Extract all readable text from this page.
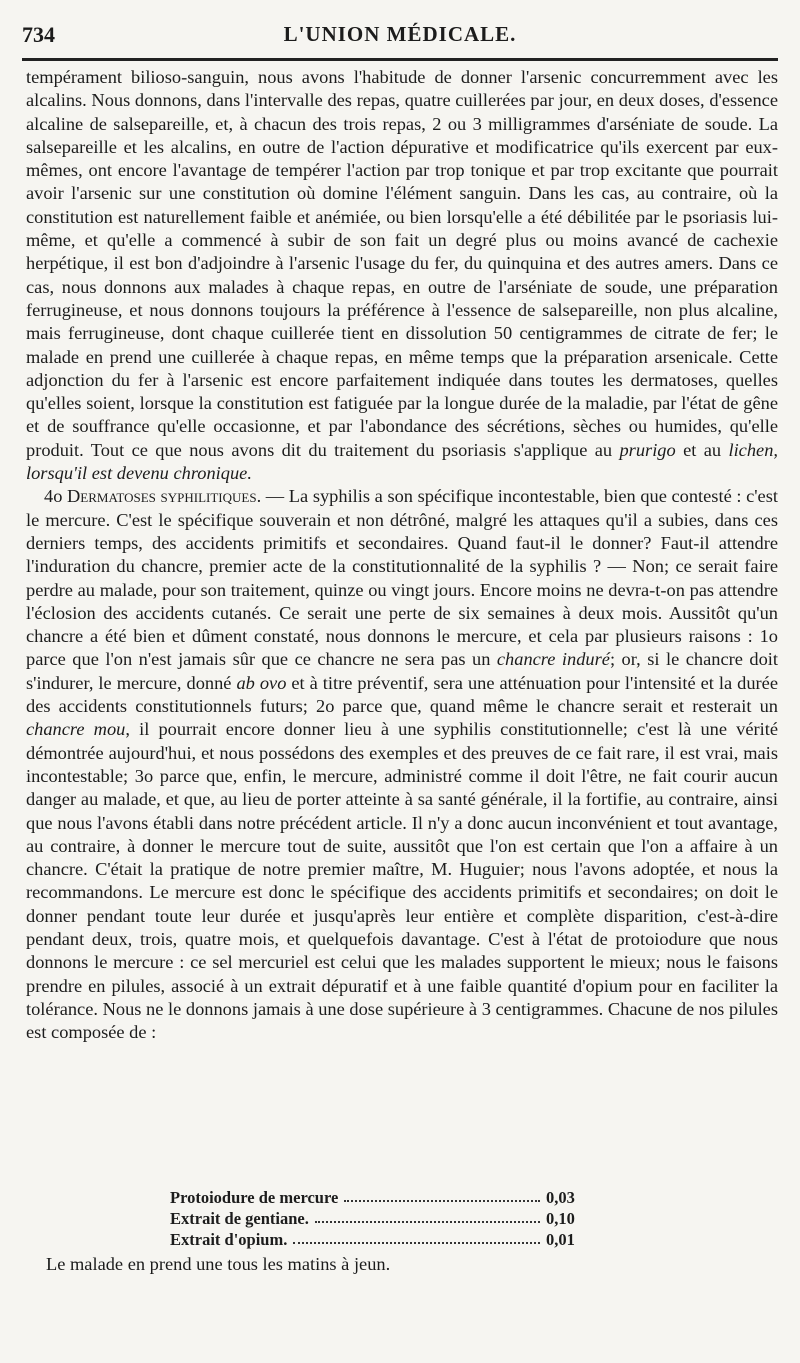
734	L'UNION MÉDICALE.

tempérament bilioso-sanguin, nous avons l'habitude de donner l'arsenic concurremment avec les alcalins. Nous donnons, dans l'intervalle des repas, quatre cuillerées par jour, en deux doses, d'essence alcaline de salsepareille, et, à chacun des trois repas, 2 ou 3 milligrammes d'arséniate de soude. La salsepareille et les alcalins, en outre de l'action dépurative et modificatrice qu'ils exercent par eux-mêmes, ont encore l'avantage de tempérer l'action par trop tonique et par trop excitante que pourrait avoir l'arsenic sur une constitution où domine l'élément sanguin. Dans les cas, au contraire, où la constitution est naturellement faible et anémiée, ou bien lorsqu'elle a été débilitée par le psoriasis lui-même, et qu'elle a commencé à subir de son fait un degré plus ou moins avancé de cachexie herpétique, il est bon d'adjoindre à l'arsenic l'usage du fer, du quinquina et des autres amers. Dans ce cas, nous donnons aux malades à chaque repas, en outre de l'arséniate de soude, une préparation ferrugineuse, et nous donnons toujours la préférence à l'essence de salsepareille, non plus alcaline, mais ferrugineuse, dont chaque cuillerée tient en dissolution 50 centigrammes de citrate de fer; le malade en prend une cuillerée à chaque repas, en même temps que la préparation arsenicale. Cette adjonction du fer à l'arsenic est encore parfaitement indiquée dans toutes les dermatoses, quelles qu'elles soient, lorsque la constitution est fatiguée par la longue durée de la maladie, par l'état de gêne et de souffrance qu'elle occasionne, et par l'abondance des sécrétions, sèches ou humides, qu'elle produit. Tout ce que nous avons dit du traitement du psoriasis s'applique au prurigo et au lichen, lorsqu'il est devenu chronique.

4o Dermatoses syphilitiques. — La syphilis a son spécifique incontestable, bien que contesté : c'est le mercure. C'est le spécifique souverain et non détrôné, malgré les attaques qu'il a subies, dans ces derniers temps, des accidents primitifs et secondaires. Quand faut-il le donner? Faut-il attendre l'induration du chancre, premier acte de la constitutionnalité de la syphilis ? — Non; ce serait faire perdre au malade, pour son traitement, quinze ou vingt jours. Encore moins ne devra-t-on pas attendre l'éclosion des accidents cutanés. Ce serait une perte de six semaines à deux mois. Aussitôt qu'un chancre a été bien et dûment constaté, nous donnons le mercure, et cela par plusieurs raisons : 1o parce que l'on n'est jamais sûr que ce chancre ne sera pas un chancre induré; or, si le chancre doit s'indurer, le mercure, donné ab ovo et à titre préventif, sera une atténuation pour l'intensité et la durée des accidents constitutionnels futurs; 2o parce que, quand même le chancre serait et resterait un chancre mou, il pourrait encore donner lieu à une syphilis constitutionnelle; c'est là une vérité démontrée aujourd'hui, et nous possédons des exemples et des preuves de ce fait rare, il est vrai, mais incontestable; 3o parce que, enfin, le mercure, administré comme il doit l'être, ne fait courir aucun danger au malade, et que, au lieu de porter atteinte à sa santé générale, il la fortifie, au contraire, ainsi que nous l'avons établi dans notre précédent article. Il n'y a donc aucun inconvénient et tout avantage, au contraire, à donner le mercure tout de suite, aussitôt que l'on est certain que l'on a affaire à un chancre. C'était la pratique de notre premier maître, M. Huguier; nous l'avons adoptée, et nous la recommandons. Le mercure est donc le spécifique des accidents primitifs et secondaires; on doit le donner pendant toute leur durée et jusqu'après leur entière et complète disparition, c'est-à-dire pendant deux, trois, quatre mois, et quelquefois davantage. C'est à l'état de protoiodure que nous donnons le mercure : ce sel mercuriel est celui que les malades supportent le mieux; nous le faisons prendre en pilules, associé à un extrait dépuratif et à une faible quantité d'opium pour en faciliter la tolérance. Nous ne le donnons jamais à une dose supérieure à 3 centigrammes. Chacune de nos pilules est composée de :

Protoiodure de mercure	0,03
Extrait de gentiane.	0,10
Extrait d'opium.	0,01
Le malade en prend une tous les matins à jeun.
